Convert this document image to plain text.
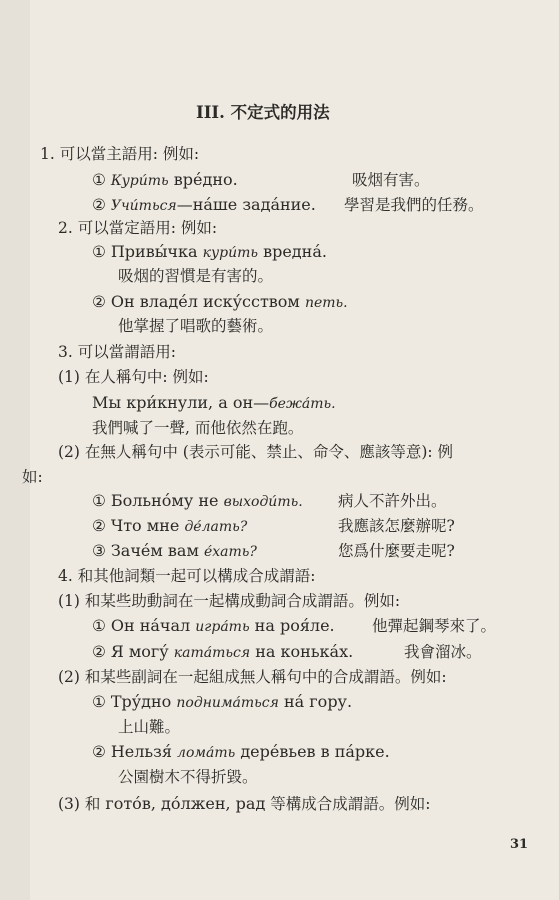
III. 不定式的用法
1. 可以當主語用: 例如:
① Кури́ть вре́дно.	吸烟有害。
② Учи́ться—на́ше зада́ние. 學習是我們的任務。
2. 可以當定語用: 例如:
① Привы́чка кури́ть вредна́.
吸烟的習慣是有害的。
② Он владе́л иску́сством петь.
他掌握了唱歌的藝術。
3. 可以當謂語用:
(1) 在人稱句中: 例如:
Мы кри́кнули, а он—бежа́ть.
我們喊了一聲, 而他依然在跑。
(2) 在無人稱句中 (表示可能、禁止、命令、應該等意): 例
如:
① Больно́му не выходи́ть. 病人不許外出。
② Что мне де́лать?	我應該怎麼辦呢?
③ Заче́м вам е́хать?	您爲什麼要走呢?
4. 和其他詞類一起可以構成合成謂語:
(1) 和某些助動詞在一起構成動詞合成謂語。例如:
① Он на́чал игра́ть на роя́ле. 他彈起鋼琴來了。
② Я могу́ ката́ться на конька́х.	我會溜冰。
(2) 和某些副詞在一起組成無人稱句中的合成謂語。例如:
① Тру́дно поднима́ться на́ гору.
上山難。
② Нельзя́ лома́ть дере́вьев в па́рке.
公園樹木不得折毀。
(3) 和 гото́в, до́лжен, рад 等構成合成謂語。例如:
31
